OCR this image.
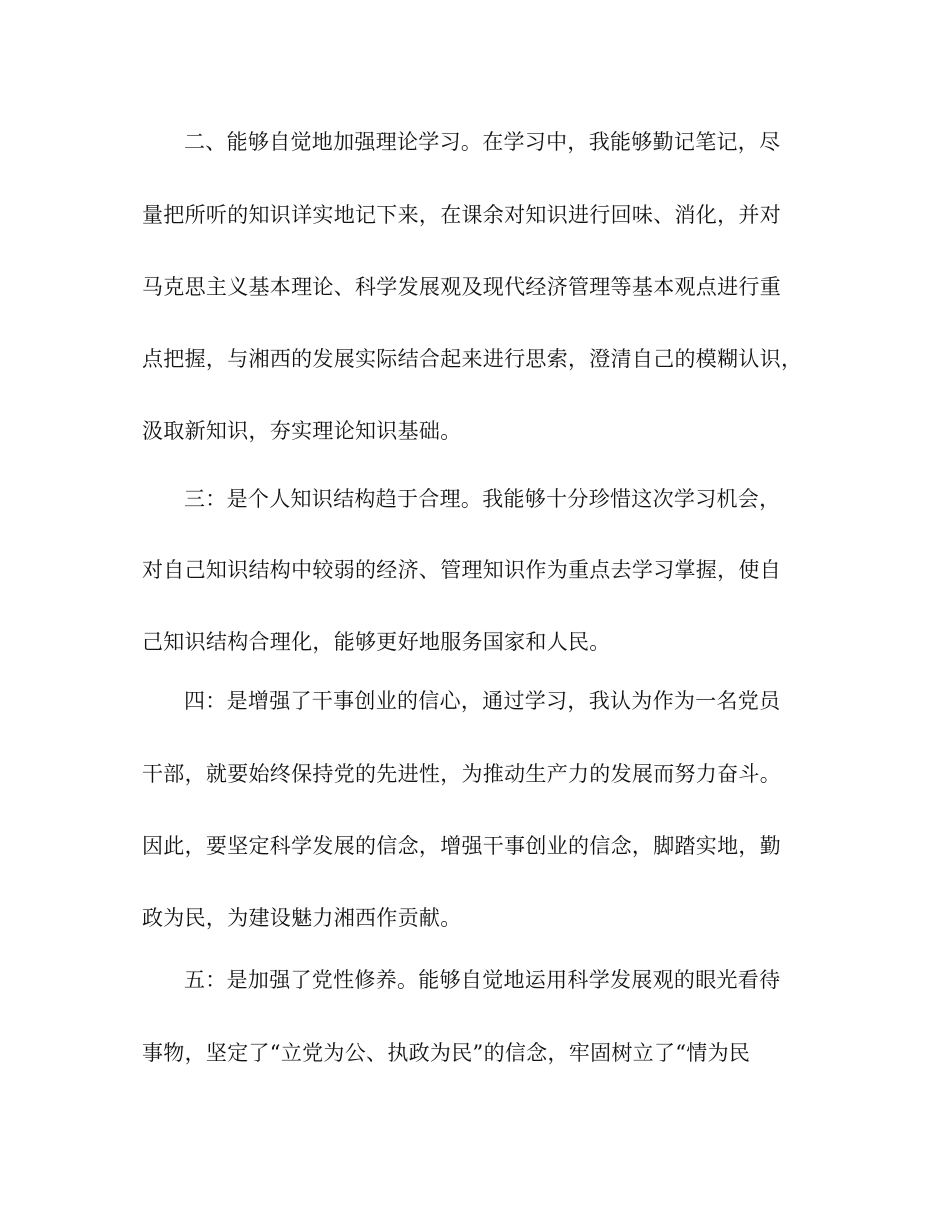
二、能够自觉地加强理论学习。在学习中，我能够勤记笔记，尽
量把所听的知识详实地记下来，在课余对知识进行回味、消化，并对
马克思主义基本理论、科学发展观及现代经济管理等基本观点进行重
点把握，与湘西的发展实际结合起来进行思索，澄清自己的模糊认识，
汲取新知识，夯实理论知识基础。
三：是个人知识结构趋于合理。我能够十分珍惜这次学习机会，
对自己知识结构中较弱的经济、管理知识作为重点去学习掌握，使自
己知识结构合理化，能够更好地服务国家和人民。
四：是增强了干事创业的信心，通过学习，我认为作为一名党员
干部，就要始终保持党的先进性，为推动生产力的发展而努力奋斗。
因此，要坚定科学发展的信念，增强干事创业的信念，脚踏实地，勤
政为民，为建设魅力湘西作贡献。
五：是加强了党性修养。能够自觉地运用科学发展观的眼光看待
事物，坚定了“立党为公、执政为民”的信念，牢固树立了“情为民
